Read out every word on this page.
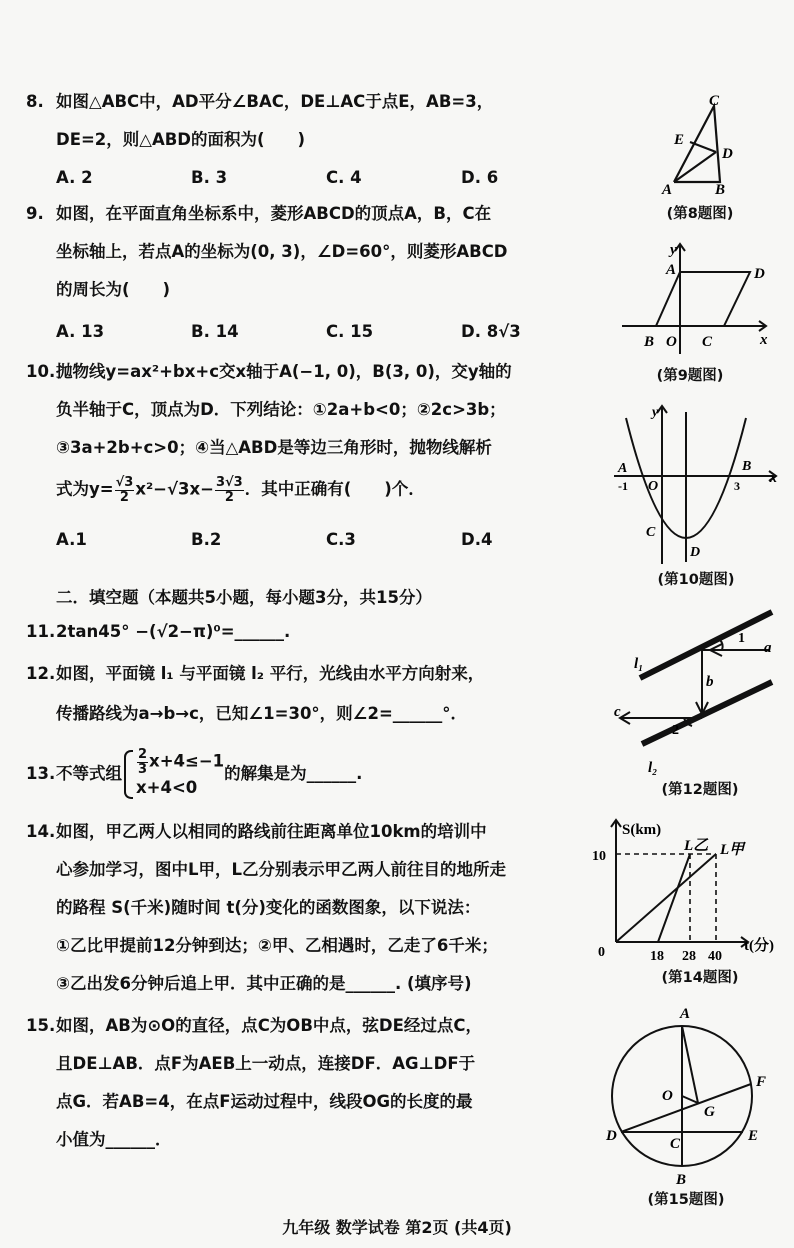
8. 如图△ABC中，AD平分∠BAC，DE⊥AC于点E，AB=3，
DE=2，则△ABD的面积为(　　)
A. 2	B. 3	C. 4	D. 6
C
E
D
A	B
(第8题图)
9. 如图，在平面直角坐标系中，菱形ABCD的顶点A，B，C在
坐标轴上，若点A的坐标为(0, 3)，∠D=60°，则菱形ABCD
的周长为(　　)
A. 13	B. 14	C. 15	D. 8√3
y
A	D
B O C	x
(第9题图)
10. 抛物线y=ax²+bx+c交x轴于A(−1, 0)，B(3, 0)，交y轴的
负半轴于C，顶点为D．下列结论：①2a+b<0；②2c>3b；
③3a+2b+c>0；④当△ABD是等边三角形时，抛物线解析
式为$y= \frac{√3}{2} x^2-√3x- \frac{3√3}{2}$ ．其中正确有(　　)个．
A.1	B.2	C.3	D.4
y
A
-1 O
B
3 x
C
D
(第10题图)
二．填空题（本题共5小题，每小题3分，共15分）
11. 2tan45° −(√2−π)⁰=______.
12. 如图，平面镜 l₁ 与平面镜 l₂ 平行，光线由水平方向射来，
传播路线为a→b→c，已知∠1=30°，则∠2=______°．
l₁
1
a
b
c
2
l₂
(第12题图)
13. 不等式组 $\frac{2}{3} x+4\le-1$
x+4<0
的解集是为______.
14. 如图，甲乙两人以相同的路线前往距离单位10km的培训中
心参加学习，图中L甲，L乙分别表示甲乙两人前往目的地所走
的路程 S(千米)随时间 t(分)变化的函数图象，以下说法：
①乙比甲提前12分钟到达；②甲、乙相遇时，乙走了6千米；
③乙出发6分钟后追上甲．其中正确的是______. (填序号)
S(km)
10
L乙 L甲
0	18 28 40
t(分)
(第14题图)
15. 如图，AB为⊙O的直径，点C为OB中点，弦DE经过点C，
且DE⊥AB．点F为AEB上一动点，连接DF．AG⊥DF于
点G．若AB=4，在点F运动过程中，线段OG的长度的最
小值为______．
A
O
G
F
D	C	E
B
(第15题图)
九年级 数学试卷 第2页 (共4页)
